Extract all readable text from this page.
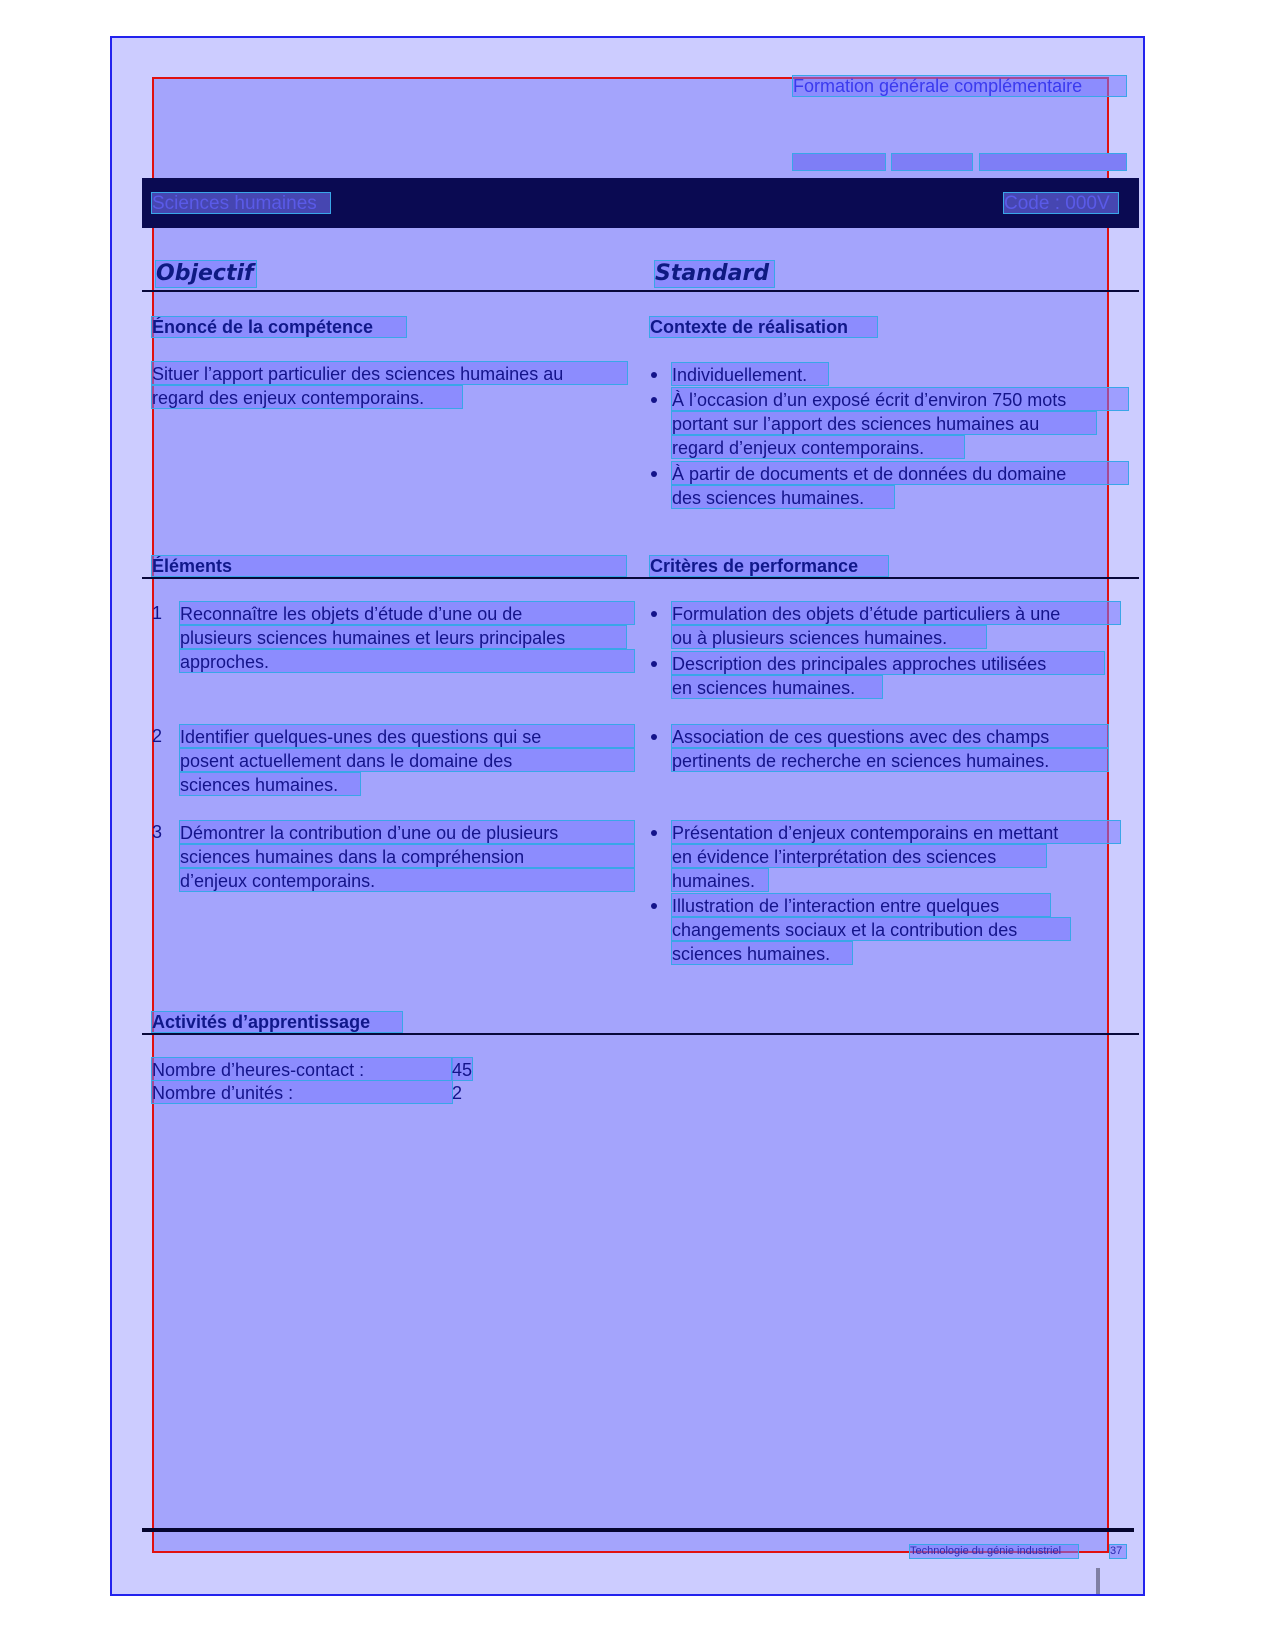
Formation générale complémentaire
Sciences humaines	Code : 000V
Objectif	Standard
Énoncé de la compétence	Contexte de réalisation
Situer l’apport particulier des sciences humaines au
regard des enjeux contemporains.
Individuellement.
À l’occasion d’un exposé écrit d’environ 750 mots
portant sur l’apport des sciences humaines au
regard d’enjeux contemporains.
À partir de documents et de données du domaine
des sciences humaines.
Éléments	Critères de performance
1 Reconnaître les objets d’étude d’une ou de
plusieurs sciences humaines et leurs principales
approches.
Formulation des objets d’étude particuliers à une
ou à plusieurs sciences humaines.
Description des principales approches utilisées
en sciences humaines.
2 Identifier quelques-unes des questions qui se
posent actuellement dans le domaine des
sciences humaines.
Association de ces questions avec des champs
pertinents de recherche en sciences humaines.
3 Démontrer la contribution d’une ou de plusieurs
sciences humaines dans la compréhension
d’enjeux contemporains.
Présentation d’enjeux contemporains en mettant
en évidence l’interprétation des sciences
humaines.
Illustration de l’interaction entre quelques
changements sociaux et la contribution des
sciences humaines.
Activités d’apprentissage
Nombre d’heures-contact :	45
Nombre d’unités :	2
Technologie du génie industriel	37
